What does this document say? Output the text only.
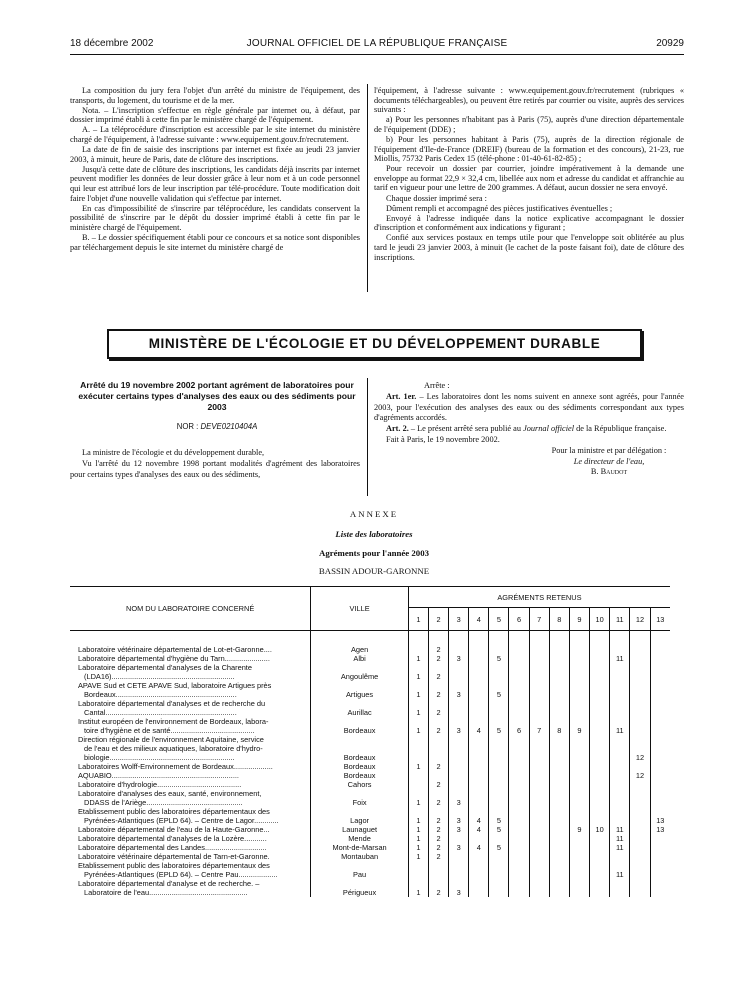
18 décembre 2002	JOURNAL OFFICIEL DE LA RÉPUBLIQUE FRANÇAISE	20929

La composition du jury fera l'objet d'un arrêté du ministre de l'équipement, des transports, du logement, du tourisme et de la mer.

Nota. – L'inscription s'effectue en règle générale par internet ou, à défaut, par dossier imprimé établi à cette fin par le ministère chargé de l'équipement.

A. – La téléprocédure d'inscription est accessible par le site internet du ministère chargé de l'équipement, à l'adresse suivante : www.equipement.gouv.fr/recrutement.

La date de fin de saisie des inscriptions par internet est fixée au jeudi 23 janvier 2003, à minuit, heure de Paris, date de clôture des inscriptions.

Jusqu'à cette date de clôture des inscriptions, les candidats déjà inscrits par internet peuvent modifier les données de leur dossier grâce à leur nom et à un code personnel qui leur est attribué lors de leur inscription par télé-procédure. Toute modification doit faire l'objet d'une nouvelle validation qui s'effectue par internet.

En cas d'impossibilité de s'inscrire par téléprocédure, les candidats conservent la possibilité de s'inscrire par le dépôt du dossier imprimé établi à cette fin par le ministère chargé de l'équipement.

B. – Le dossier spécifiquement établi pour ce concours et sa notice sont disponibles par téléchargement depuis le site internet du ministère chargé de

l'équipement, à l'adresse suivante : www.equipement.gouv.fr/recrutement (rubriques « documents téléchargeables), ou peuvent être retirés par courrier ou visite, auprès des services suivants :

a) Pour les personnes n'habitant pas à Paris (75), auprès d'une direction départementale de l'équipement (DDE) ;

b) Pour les personnes habitant à Paris (75), auprès de la direction régionale de l'équipement d'Ile-de-France (DREIF) (bureau de la formation et des concours), 21-23, rue Miollis, 75732 Paris Cedex 15 (télé-phone : 01-40-61-82-85) ;

Pour recevoir un dossier par courrier, joindre impérativement à la demande une enveloppe au format 22,9 × 32,4 cm, libellée aux nom et adresse du candidat et affranchie au tarif en vigueur pour une lettre de 200 grammes. A défaut, aucun dossier ne sera envoyé.

Chaque dossier imprimé sera :

Dûment rempli et accompagné des pièces justificatives éventuelles ;

Envoyé à l'adresse indiquée dans la notice explicative accompagnant le dossier d'inscription et conformément aux indications y figurant ;

Confié aux services postaux en temps utile pour que l'enveloppe soit oblitérée au plus tard le jeudi 23 janvier 2003, à minuit (le cachet de la poste faisant foi), date de clôture des inscriptions.

MINISTÈRE DE L'ÉCOLOGIE ET DU DÉVELOPPEMENT DURABLE
Arrêté du 19 novembre 2002 portant agrément de laboratoires pour exécuter certains types d'analyses des eaux ou des sédiments pour 2003
NOR : DEVE0210404A

La ministre de l'écologie et du développement durable,

Vu l'arrêté du 12 novembre 1998 portant modalités d'agrément des laboratoires pour certains types d'analyses des eaux ou des sédiments,

Arrête :

Art. 1er. – Les laboratoires dont les noms suivent en annexe sont agréés, pour l'année 2003, pour l'exécution des analyses des eaux ou des sédiments correspondant aux types d'agréments accordés.

Art. 2. – Le présent arrêté sera publié au Journal officiel de la République française.

Fait à Paris, le 19 novembre 2002.

Pour la ministre et par délégation :
Le directeur de l'eau,
B. Baudot
ANNEXE
Liste des laboratoires
Agréments pour l'année 2003
BASSIN ADOUR-GARONNE
NOM DU LABORATOIRE CONCERNÉ	VILLE	AGRÉMENTS RETENUS												
		1	2	3	4	5	6	7	8	9	10	11	12	13

Laboratoire vétérinaire départemental de Lot-et-Garonne....	Agen		2											

Laboratoire départemental d'hygiène du Tarn......................	Albi	1	2	3		5						11		

Laboratoire départemental d'analyses de la Charente
(LDA16)............................................................	Angoulême	1	2											

APAVE Sud et CETE APAVE Sud, laboratoire Artigues près
Bordeaux...........................................................	Artigues	1	2	3		5								

Laboratoire départemental d'analyses et de recherche du
Cantal................................................................	Aurillac	1	2											

Institut européen de l'environnement de Bordeaux, labora-
toire d'hygiène et de santé.........................................	Bordeaux	1	2	3	4	5	6	7	8	9		11		

Direction régionale de l'environnement Aquitaine, service
de l'eau et des milieux aquatiques, laboratoire d'hydro-
biologie.............................................................	Bordeaux												12	

Laboratoires Wolff-Environnement de Bordeaux...................	Bordeaux	1	2											

AQUABIO..............................................................	Bordeaux												12	

Laboratoire d'hydrologie.........................................	Cahors		2											

Laboratoire d'analyses des eaux, santé, environnement,
DDASS de l'Ariège...............................................	Foix	1	2	3										

Etablissement public des laboratoires départementaux des
Pyrénées-Atlantiques (EPLD 64). – Centre de Lagor............	Lagor	1	2	3	4	5								13

Laboratoire départemental de l'eau de la Haute-Garonne...	Launaguet	1	2	3	4	5				9	10	11		13

Laboratoire départemental d'analyses de la Lozère...........	Mende	1	2									11		

Laboratoire départemental des Landes..............................	Mont-de-Marsan	1	2	3	4	5						11		

Laboratoire vétérinaire départemental de Tarn-et-Garonne.	Montauban	1	2											

Etablissement public des laboratoires départementaux des
Pyrénées-Atlantiques (EPLD 64). – Centre Pau...................	Pau											11		

Laboratoire départemental d'analyse et de recherche. –
Laboratoire de l'eau................................................	Périgueux	1	2	3										
